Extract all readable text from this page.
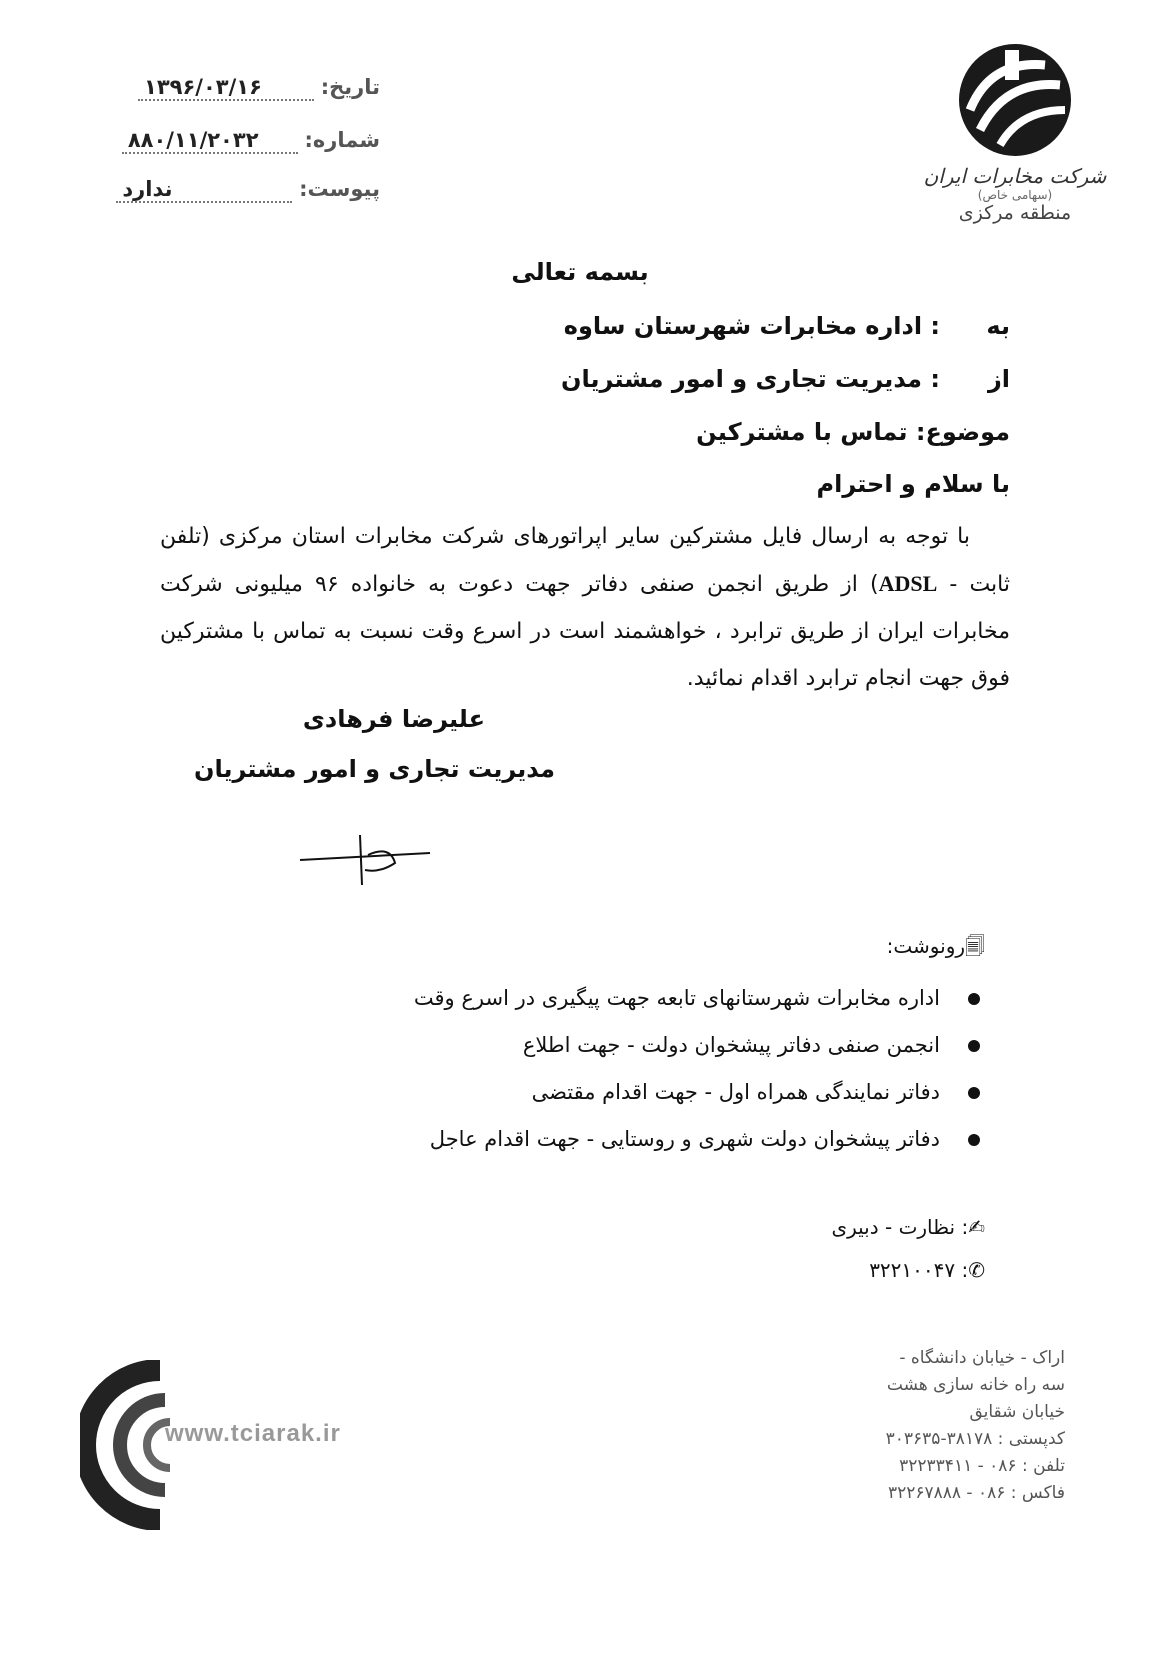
تاریخ: ۱۳۹۶/۰۳/۱۶
شماره: ۸۸۰/۱۱/۲۰۳۲
پیوست: ندارد
شرکت مخابرات ایران
(سهامی خاص)
منطقه مرکزی
بسمه تعالی
به: اداره مخابرات شهرستان ساوه
از: مدیریت تجاری و امور مشتریان
موضوع: تماس با مشترکین
با سلام و احترام

با توجه به ارسال فایل مشترکین سایر اپراتورهای شرکت مخابرات استان مرکزی (تلفن ثابت - ADSL) از طریق انجمن صنفی دفاتر جهت دعوت به خانواده ۹۶ میلیونی شرکت مخابرات ایران از طریق ترابرد ، خواهشمند است در اسرع وقت نسبت به تماس با مشترکین فوق جهت انجام ترابرد اقدام نمائید.

علیرضا فرهادی
مدیریت تجاری و امور مشتریان
🗐رونوشت:
اداره مخابرات شهرستانهای تابعه جهت پیگیری در اسرع وقت
انجمن صنفی دفاتر پیشخوان دولت - جهت اطلاع
دفاتر نمایندگی همراه اول - جهت اقدام مقتضی
دفاتر پیشخوان دولت شهری و روستایی - جهت اقدام عاجل
✍: نظارت - دبیری
✆: ۳۲۲۱۰۰۴۷
اراک - خیابان دانشگاه -
سه راه خانه سازی هشت
خیابان شقایق
کدپستی : ۳۸۱۷۸-۳۰۳۶۳۵
تلفن : ۰۸۶ - ۳۲۲۳۳۴۱۱
فاکس : ۰۸۶ - ۳۲۲۶۷۸۸۸
www.tciarak.ir
